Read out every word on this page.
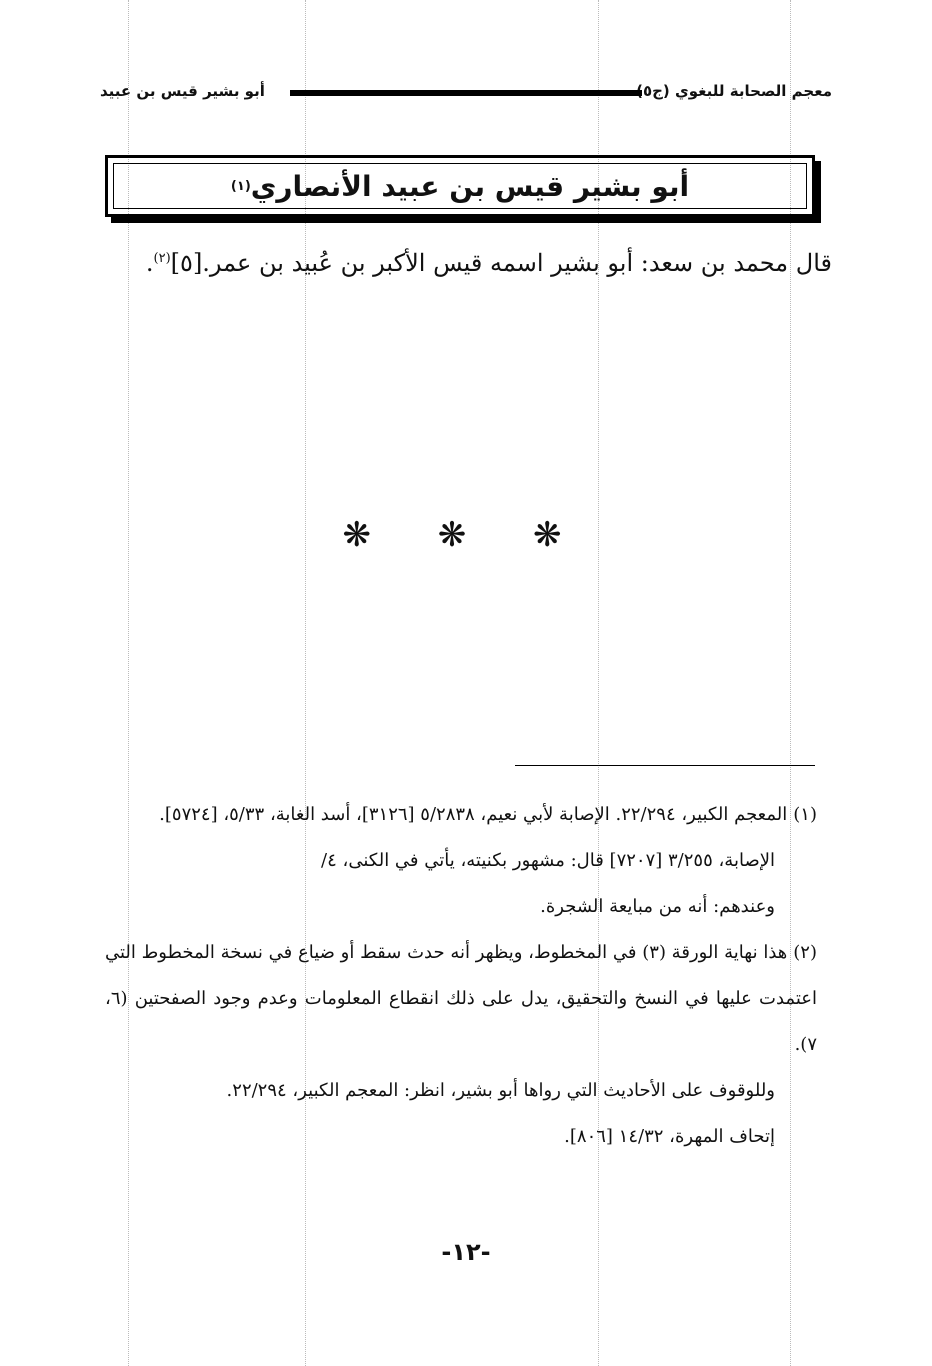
معجم الصحابة للبغوي (ج٥
أبو بشير قيس بن عبيد
أبو بشير قيس بن عبيد الأنصاري
(١)
قال محمد بن سعد: أبو بشير اسمه قيس الأكبر بن عُبيد بن عمر.[٥]$^{(٢)}$.
❋ ❋ ❋
(١)المعجم الكبير، ٢٢/٢٩٤. الإصابة لأبي نعيم، ٥/٢٨٣٨ [٣١٢٦]، أسد الغابة، ٥/٣٣، [٥٧٢٤].
الإصابة، ٣/٢٥٥ [٧٢٠٧] قال: مشهور بكنيته، يأتي في الكنى، ٤/
وعندهم: أنه من مبايعة الشجرة.
(٢)هذا نهاية الورقة (٣) في المخطوط، ويظهر أنه حدث سقط أو ضياع في نسخة المخطوط التي اعتمدت عليها في النسخ والتحقيق، يدل على ذلك انقطاع المعلومات وعدم وجود الصفحتين (٦، ٧).
وللوقوف على الأحاديث التي رواها أبو بشير، انظر: المعجم الكبير، ٢٢/٢٩٤.
إتحاف المهرة، ١٤/٣٢ [٨٠٦].
-١٢-
